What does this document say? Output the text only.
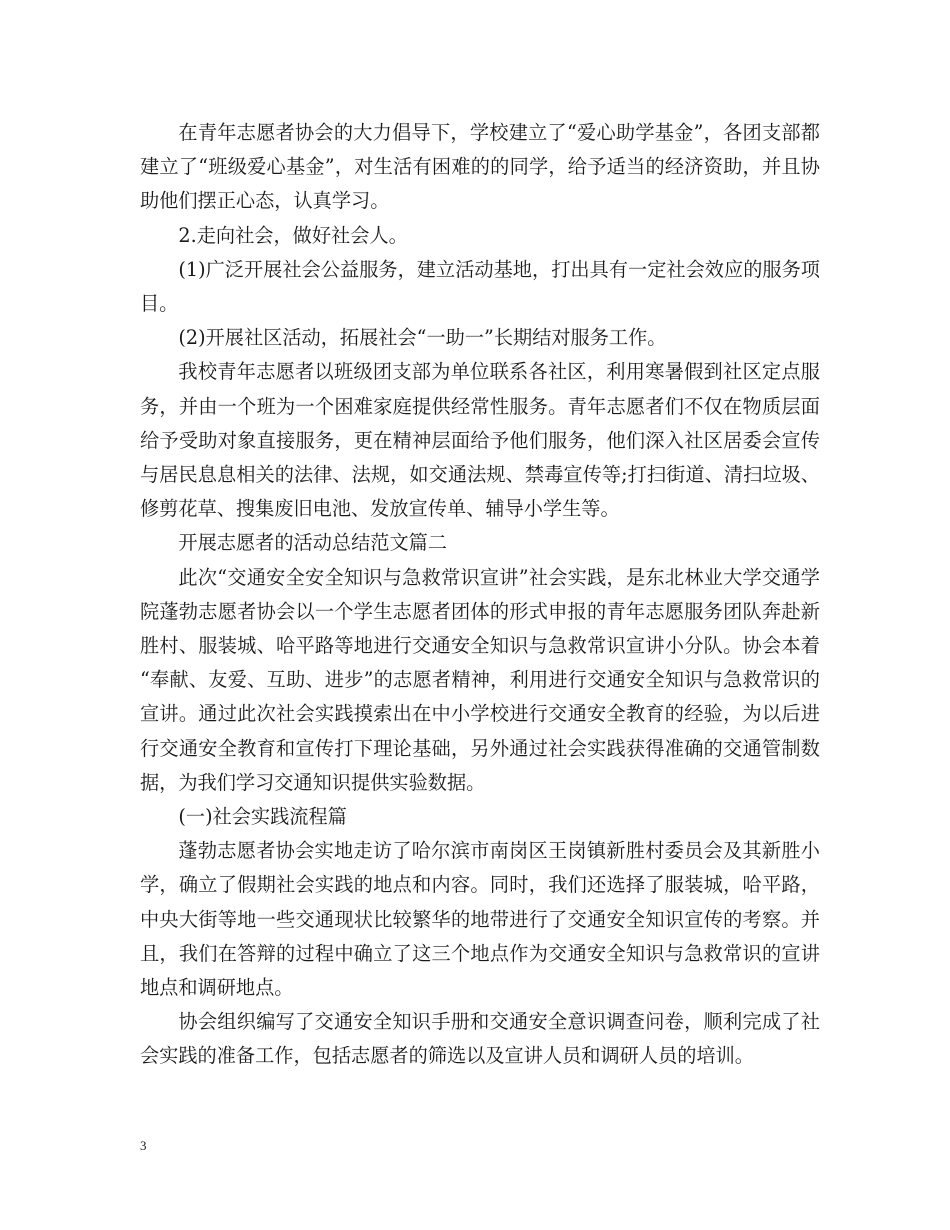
在青年志愿者协会的大力倡导下，学校建立了“爱心助学基金”，各团支部都建立了“班级爱心基金”，对生活有困难的的同学，给予适当的经济资助，并且协助他们摆正心态，认真学习。

2.走向社会，做好社会人。

(1)广泛开展社会公益服务，建立活动基地，打出具有一定社会效应的服务项目。

(2)开展社区活动，拓展社会“一助一”长期结对服务工作。

我校青年志愿者以班级团支部为单位联系各社区，利用寒暑假到社区定点服务，并由一个班为一个困难家庭提供经常性服务。青年志愿者们不仅在物质层面给予受助对象直接服务，更在精神层面给予他们服务，他们深入社区居委会宣传与居民息息相关的法律、法规，如交通法规、禁毒宣传等;打扫街道、清扫垃圾、修剪花草、搜集废旧电池、发放宣传单、辅导小学生等。

开展志愿者的活动总结范文篇二

此次“交通安全安全知识与急救常识宣讲”社会实践，是东北林业大学交通学院蓬勃志愿者协会以一个学生志愿者团体的形式申报的青年志愿服务团队奔赴新胜村、服装城、哈平路等地进行交通安全知识与急救常识宣讲小分队。协会本着“奉献、友爱、互助、进步”的志愿者精神，利用进行交通安全知识与急救常识的宣讲。通过此次社会实践摸索出在中小学校进行交通安全教育的经验，为以后进行交通安全教育和宣传打下理论基础，另外通过社会实践获得准确的交通管制数据，为我们学习交通知识提供实验数据。

(一)社会实践流程篇

蓬勃志愿者协会实地走访了哈尔滨市南岗区王岗镇新胜村委员会及其新胜小学，确立了假期社会实践的地点和内容。同时，我们还选择了服装城，哈平路，中央大街等地一些交通现状比较繁华的地带进行了交通安全知识宣传的考察。并且，我们在答辩的过程中确立了这三个地点作为交通安全知识与急救常识的宣讲地点和调研地点。

协会组织编写了交通安全知识手册和交通安全意识调查问卷，顺利完成了社会实践的准备工作，包括志愿者的筛选以及宣讲人员和调研人员的培训。

3
